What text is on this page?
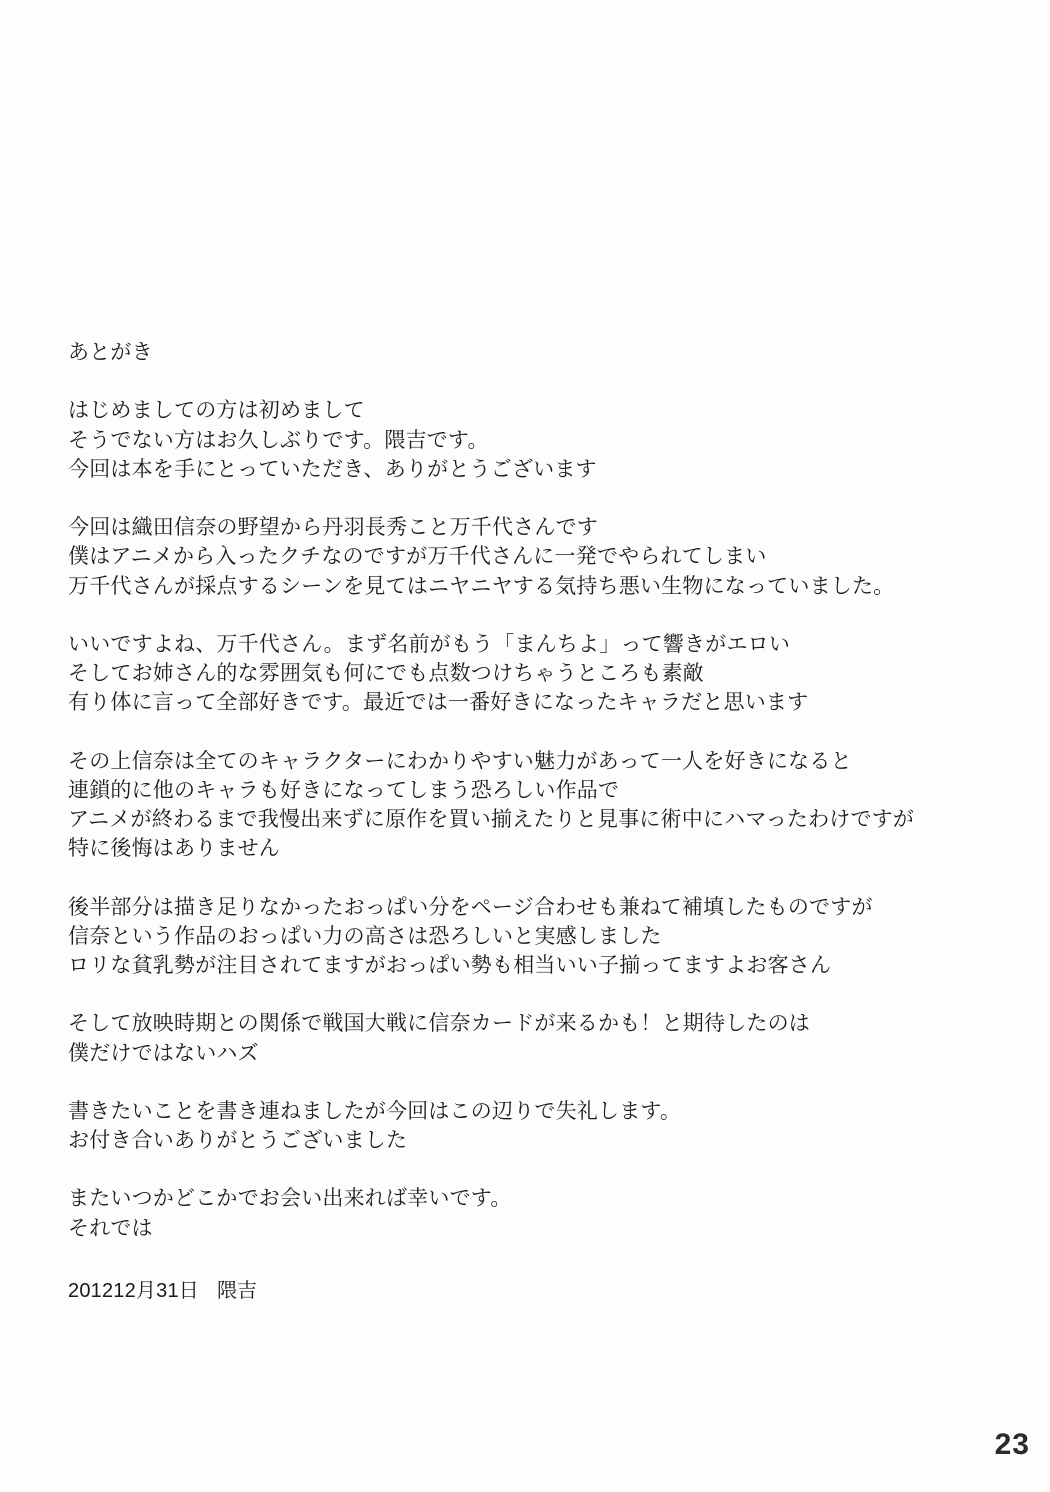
あとがき
はじめましての方は初めまして
そうでない方はお久しぶりです。隈吉です。
今回は本を手にとっていただき、ありがとうございます
今回は織田信奈の野望から丹羽長秀こと万千代さんです
僕はアニメから入ったクチなのですが万千代さんに一発でやられてしまい
万千代さんが採点するシーンを見てはニヤニヤする気持ち悪い生物になっていました。
いいですよね、万千代さん。まず名前がもう「まんちよ」って響きがエロい
そしてお姉さん的な雰囲気も何にでも点数つけちゃうところも素敵
有り体に言って全部好きです。最近では一番好きになったキャラだと思います
その上信奈は全てのキャラクターにわかりやすい魅力があって一人を好きになると
連鎖的に他のキャラも好きになってしまう恐ろしい作品で
アニメが終わるまで我慢出来ずに原作を買い揃えたりと見事に術中にハマったわけですが
特に後悔はありません
後半部分は描き足りなかったおっぱい分をページ合わせも兼ねて補填したものですが
信奈という作品のおっぱい力の高さは恐ろしいと実感しました
ロリな貧乳勢が注目されてますがおっぱい勢も相当いい子揃ってますよお客さん
そして放映時期との関係で戦国大戦に信奈カードが来るかも！と期待したのは
僕だけではないハズ
書きたいことを書き連ねましたが今回はこの辺りで失礼します。
お付き合いありがとうございました
またいつかどこかでお会い出来れば幸いです。
それでは
201212月31日 隈吉
23
